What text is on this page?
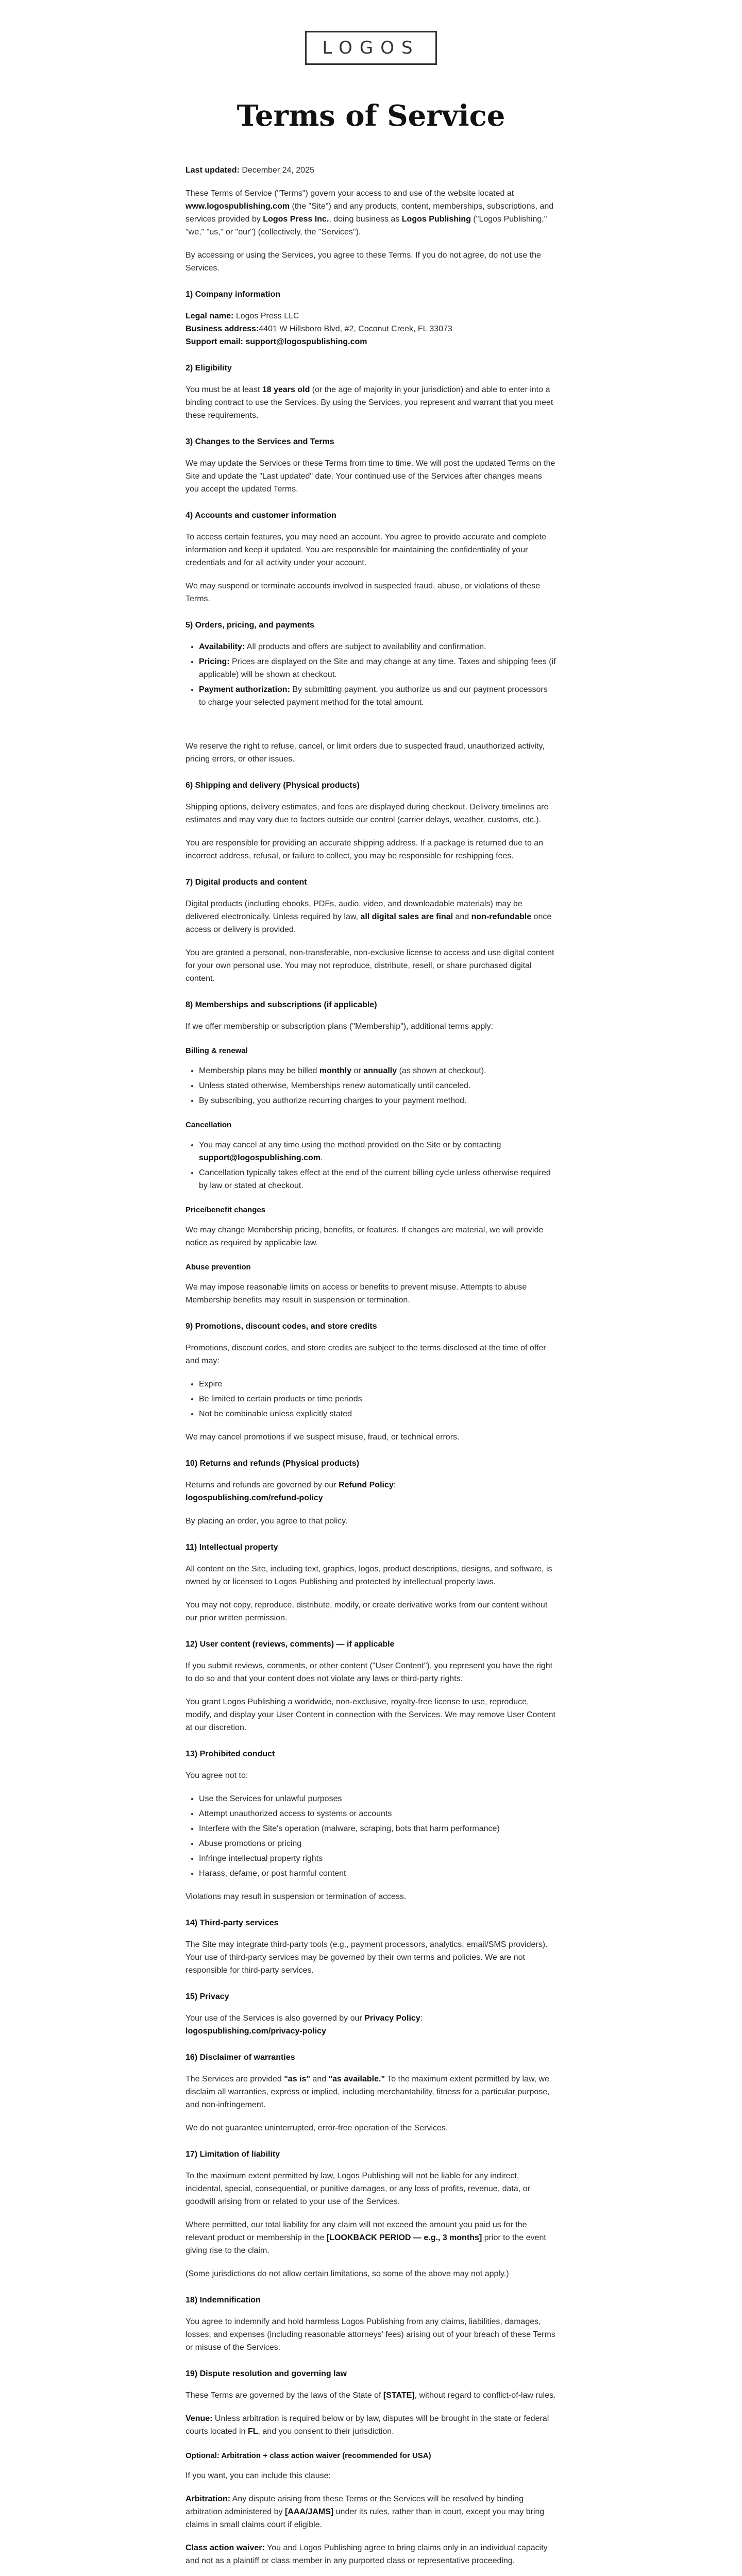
LOGOS
Terms of Service

Last updated: December 24, 2025

These Terms of Service ("Terms") govern your access to and use of the website located at www.logospublishing.com (the "Site") and any products, content, memberships, subscriptions, and services provided by Logos Press Inc., doing business as Logos Publishing ("Logos Publishing," "we," "us," or "our") (collectively, the "Services").

By accessing or using the Services, you agree to these Terms. If you do not agree, do not use the Services.

1) Company information

Legal name: Logos Press LLC
Business address:4401 W Hillsboro Blvd, #2, Coconut Creek, FL 33073
Support email: support@logospublishing.com

2) Eligibility

You must be at least 18 years old (or the age of majority in your jurisdiction) and able to enter into a binding contract to use the Services. By using the Services, you represent and warrant that you meet these requirements.

3) Changes to the Services and Terms

We may update the Services or these Terms from time to time. We will post the updated Terms on the Site and update the "Last updated" date. Your continued use of the Services after changes means you accept the updated Terms.

4) Accounts and customer information

To access certain features, you may need an account. You agree to provide accurate and complete information and keep it updated. You are responsible for maintaining the confidentiality of your credentials and for all activity under your account.

We may suspend or terminate accounts involved in suspected fraud, abuse, or violations of these Terms.

5) Orders, pricing, and payments
• Availability: All products and offers are subject to availability and confirmation.
• Pricing: Prices are displayed on the Site and may change at any time. Taxes and shipping fees (if applicable) will be shown at checkout.
• Payment authorization: By submitting payment, you authorize us and our payment processors to charge your selected payment method for the total amount.

We reserve the right to refuse, cancel, or limit orders due to suspected fraud, unauthorized activity, pricing errors, or other issues.

6) Shipping and delivery (Physical products)

Shipping options, delivery estimates, and fees are displayed during checkout. Delivery timelines are estimates and may vary due to factors outside our control (carrier delays, weather, customs, etc.).

You are responsible for providing an accurate shipping address. If a package is returned due to an incorrect address, refusal, or failure to collect, you may be responsible for reshipping fees.

7) Digital products and content

Digital products (including ebooks, PDFs, audio, video, and downloadable materials) may be delivered electronically. Unless required by law, all digital sales are final and non-refundable once access or delivery is provided.

You are granted a personal, non-transferable, non-exclusive license to access and use digital content for your own personal use. You may not reproduce, distribute, resell, or share purchased digital content.

8) Memberships and subscriptions (if applicable)

If we offer membership or subscription plans ("Membership"), additional terms apply:

Billing & renewal
• Membership plans may be billed monthly or annually (as shown at checkout).
• Unless stated otherwise, Memberships renew automatically until canceled.
• By subscribing, you authorize recurring charges to your payment method.
Cancellation
• You may cancel at any time using the method provided on the Site or by contacting support@logospublishing.com.
• Cancellation typically takes effect at the end of the current billing cycle unless otherwise required by law or stated at checkout.
Price/benefit changes

We may change Membership pricing, benefits, or features. If changes are material, we will provide notice as required by applicable law.

Abuse prevention

We may impose reasonable limits on access or benefits to prevent misuse. Attempts to abuse Membership benefits may result in suspension or termination.

9) Promotions, discount codes, and store credits

Promotions, discount codes, and store credits are subject to the terms disclosed at the time of offer and may:

• Expire
• Be limited to certain products or time periods
• Not be combinable unless explicitly stated

We may cancel promotions if we suspect misuse, fraud, or technical errors.

10) Returns and refunds (Physical products)

Returns and refunds are governed by our Refund Policy:
logospublishing.com/refund-policy

By placing an order, you agree to that policy.

11) Intellectual property

All content on the Site, including text, graphics, logos, product descriptions, designs, and software, is owned by or licensed to Logos Publishing and protected by intellectual property laws.

You may not copy, reproduce, distribute, modify, or create derivative works from our content without our prior written permission.

12) User content (reviews, comments) — if applicable

If you submit reviews, comments, or other content ("User Content"), you represent you have the right to do so and that your content does not violate any laws or third-party rights.

You grant Logos Publishing a worldwide, non-exclusive, royalty-free license to use, reproduce, modify, and display your User Content in connection with the Services. We may remove User Content at our discretion.

13) Prohibited conduct

You agree not to:

• Use the Services for unlawful purposes
• Attempt unauthorized access to systems or accounts
• Interfere with the Site's operation (malware, scraping, bots that harm performance)
• Abuse promotions or pricing
• Infringe intellectual property rights
• Harass, defame, or post harmful content

Violations may result in suspension or termination of access.

14) Third-party services

The Site may integrate third-party tools (e.g., payment processors, analytics, email/SMS providers). Your use of third-party services may be governed by their own terms and policies. We are not responsible for third-party services.

15) Privacy

Your use of the Services is also governed by our Privacy Policy:
logospublishing.com/privacy-policy

16) Disclaimer of warranties

The Services are provided "as is" and "as available." To the maximum extent permitted by law, we disclaim all warranties, express or implied, including merchantability, fitness for a particular purpose, and non-infringement.

We do not guarantee uninterrupted, error-free operation of the Services.

17) Limitation of liability

To the maximum extent permitted by law, Logos Publishing will not be liable for any indirect, incidental, special, consequential, or punitive damages, or any loss of profits, revenue, data, or goodwill arising from or related to your use of the Services.

Where permitted, our total liability for any claim will not exceed the amount you paid us for the relevant product or membership in the [LOOKBACK PERIOD — e.g., 3 months] prior to the event giving rise to the claim.

(Some jurisdictions do not allow certain limitations, so some of the above may not apply.)

18) Indemnification

You agree to indemnify and hold harmless Logos Publishing from any claims, liabilities, damages, losses, and expenses (including reasonable attorneys' fees) arising out of your breach of these Terms or misuse of the Services.

19) Dispute resolution and governing law

These Terms are governed by the laws of the State of [STATE], without regard to conflict-of-law rules.

Venue: Unless arbitration is required below or by law, disputes will be brought in the state or federal courts located in FL, and you consent to their jurisdiction.

Optional: Arbitration + class action waiver (recommended for USA)

If you want, you can include this clause:

Arbitration: Any dispute arising from these Terms or the Services will be resolved by binding arbitration administered by [AAA/JAMS] under its rules, rather than in court, except you may bring claims in small claims court if eligible.

Class action waiver: You and Logos Publishing agree to bring claims only in an individual capacity and not as a plaintiff or class member in any purported class or representative proceeding.
